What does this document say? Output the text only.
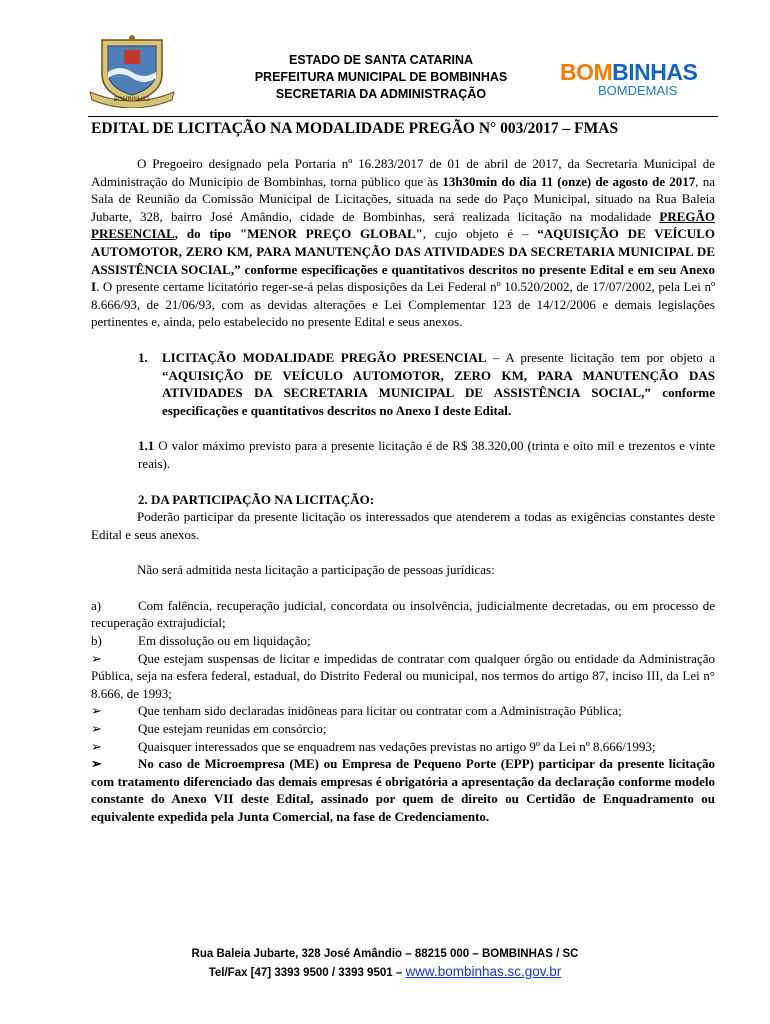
BOMBINHAS
ESTADO DE SANTA CATARINA
PREFEITURA MUNICIPAL DE BOMBINHAS
SECRETARIA DA ADMINISTRAÇÃO
BOMBINHAS
BOMDEMAIS
EDITAL DE LICITAÇÃO NA MODALIDADE PREGÃO N° 003/2017 – FMAS

O Pregoeiro designado pela Portaria nº 16.283/2017 de 01 de abril de 2017, da Secretaria Municipal de Administração do Município de Bombinhas, torna público que às 13h30min do dia 11 (onze) de agosto de 2017, na Sala de Reunião da Comissão Municipal de Licitações, situada na sede do Paço Municipal, situado na Rua Baleia Jubarte, 328, bairro José Amândio, cidade de Bombinhas, será realizada licitação na modalidade PREGÃO PRESENCIAL, do tipo "MENOR PREÇO GLOBAL", cujo objeto é – “AQUISIÇÃO DE VEÍCULO AUTOMOTOR, ZERO KM, PARA MANUTENÇÃO DAS ATIVIDADES DA SECRETARIA MUNICIPAL DE ASSISTÊNCIA SOCIAL,” conforme especificações e quantitativos descritos no presente Edital e em seu Anexo I. O presente certame licitatório reger-se-á pelas disposições da Lei Federal nº 10.520/2002, de 17/07/2002, pela Lei nº 8.666/93, de 21/06/93, com as devidas alterações e Lei Complementar 123 de 14/12/2006 e demais legislações pertinentes e, ainda, pelo estabelecido no presente Edital e seus anexos.

1.	LICITAÇÃO MODALIDADE PREGÃO PRESENCIAL – A presente licitação tem por objeto a “AQUISIÇÃO DE VEÍCULO AUTOMOTOR, ZERO KM, PARA MANUTENÇÃO DAS ATIVIDADES DA SECRETARIA MUNICIPAL DE ASSISTÊNCIA SOCIAL,” conforme especificações e quantitativos descritos no Anexo I deste Edital.

1.1 O valor máximo previsto para a presente licitação é de R$ 38.320,00 (trinta e oito mil e trezentos e vinte reais).

2. DA PARTICIPAÇÃO NA LICITAÇÃO:

Poderão participar da presente licitação os interessados que atenderem a todas as exigências constantes deste Edital e seus anexos.

Não será admitida nesta licitação a participação de pessoas jurídicas:

a)	Com falência, recuperação judicial, concordata ou insolvência, judicialmente decretadas, ou em processo de recuperação extrajudicial;

b)	Em dissolução ou em liquidação;

➢	Que estejam suspensas de licitar e impedidas de contratar com qualquer órgão ou entidade da Administração Pública, seja na esfera federal, estadual, do Distrito Federal ou municipal, nos termos do artigo 87, inciso III, da Lei n° 8.666, de 1993;

➢	Que tenham sido declaradas inidôneas para licitar ou contratar com a Administração Pública;

➢	Que estejam reunidas em consórcio;

➢	Quaisquer interessados que se enquadrem nas vedações previstas no artigo 9º da Lei nº 8.666/1993;

➢	No caso de Microempresa (ME) ou Empresa de Pequeno Porte (EPP) participar da presente licitação com tratamento diferenciado das demais empresas é obrigatória a apresentação da declaração conforme modelo constante do Anexo VII deste Edital, assinado por quem de direito ou Certidão de Enquadramento ou equivalente expedida pela Junta Comercial, na fase de Credenciamento.

Rua Baleia Jubarte, 328 José Amândio – 88215 000 – BOMBINHAS / SC
Tel/Fax [47] 3393 9500 / 3393 9501 – www.bombinhas.sc.gov.br
